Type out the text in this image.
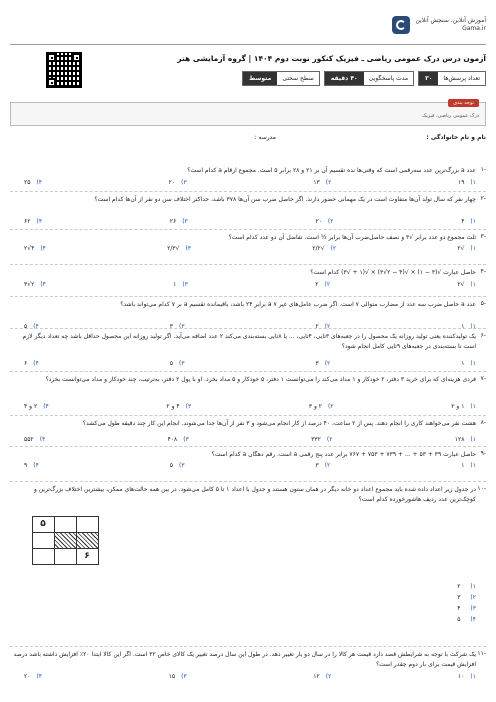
آموزش آنلاین، سنجش آنلاین
Gama.ir
آزمون درس درک عمومی ریاضی ـ فیزیک کنکور نوبت دوم ۱۴۰۴ | گروه آزمایشی هنر
تعداد پرسش‌ها
۳۰
مدت پاسخگویی
۴۰ دقیقه
سطح سختی
متوسط
توجه بندی
درک عمومی ریاضی، فیزیک
نام و نام خانوادگی :
مدرسه :
-۱
عدد a بزرگ‌ترین عدد سه‌رقمی است که وقتی‌ها نده تقسیم آن بر ۲۱ و ۲۸ برابر ۵ است. مجموع ارقام a کدام است؟
۱)
۱۹
۲)
۱۳
۳)
۲۰
۴)
۲۵
-۲
چهار نفر که سال تولد آن‌ها متفاوت است در یک مهمانی حضور دارند. اگر حاصل ضرب سن آن‌ها ۳۷۸ باشد، حداکثر اختلاف سن دو نفر از آن‌ها کدام است؟
۱)
۴
۲)
۲۰
۳)
۲۶
۴)
۶۲
-۳
ثلث مجموع دو عدد برابر √۳ و نصف حاصل‌ضرب آن‌ها برابر ½ است. تفاضل آن دو عدد کدام است؟
۱)
√۲
۲)
√۲/۲
۳)
√۲/۳
۴)
۴√۲
-۴
حاصل عبارت √(۳ − ۱) × √(۴ − ۲√۳) × √(۱ + √۳) کدام است؟
۱)
√۲
۲)
۲
۳)
۱
۴)
۲√۳
-۵
عدد a حاصل ضرب سه عدد از مضارب متوالی ۷ است. اگر ضرب عامل‌های غیر ۷ a برابر ۲۴ باشد، باقیمانده تقسیم a بر ۷ کدام می‌تواند باشد؟
۱)
۱
۲)
۲
۳)
۳
۴)
۵
-۶
یک تولیدکننده یعنی تولید روزانه یک محصول را در جعبه‌های ۳تایی، ۴تایی، ... یا ۸تایی بسته‌بندی می‌کند ۲ عدد اضافه می‌آید. اگر تولید روزانه این محصول حداقل باشد چه تعداد دیگر لازم است تا بسته‌بندی در جعبه‌های ۹تایی کامل انجام شود؟
۱)
۱
۲)
۳
۳)
۵
۴)
۶
-۷
فردی هزینه‌ای که برای خرید ۳ دفتر، ۲ خودکار و ۱ مداد می‌کند را می‌توانست ۱ دفتر، ۵ خودکار و ۵ مداد بخرد. او با پول ۲ دفتر، به‌ترتیب، چند خودکار و مداد می‌توانست بخرد؟
۱)
۱ و ۲
۲)
۲ و ۳
۳)
۴ و ۲
۴)
۲ و ۴
-۸
هشت نفر می‌خواهند کاری را انجام دهند. پس از ۲ ساعت، ۴۰ درصد از کار انجام می‌شود و ۳ نفر از آن‌ها جدا می‌شوند. انجام این کار چند دقیقه طول می‌کشد؟
۱)
۱۲۸
۲)
۳۳۲
۳)
۴۰۸
۴)
۵۵۲
-۹
حاصل عبارت ۳۹ + ۵۳ + ... + ۷۳۹ + ۷۵۳ + ۷۶۷ برابر عدد پنج رقمی a است. رقم دهگان a کدام است؟
۱)
۱
۲)
۳
۳)
۵
۴)
۹
-۱۰
در جدول زیر اعداد داده شده باید مجموع اعداد دو خانه دیگر در همان ستون هستند و جدول با اعداد ۱ تا ۵ کامل می‌شود. در بین همه حالت‌های ممکن، بیشترین اختلاف بزرگ‌ترین و کوچک‌ترین عدد ردیف هاشورخورده کدام است؟
۱)
۲
۲)
۳
۳)
۴
۴)
۵
-۱۱
یک شرکت با توجه به شرایطش قصد دارد قیمت هر کالا را در سال دو بار تغییر دهد. در طول این سال درصد تغییر یک کالای خاص ۳۲ است. اگر این کالا ابتدا ۲۰٪ افزایش داشته باشد درصد افزایش قیمت برای بار دوم چقدر است؟
۱)
۱۰
۲)
۱۲
۳)
۱۵
۴)
۲۰
۵
۶
